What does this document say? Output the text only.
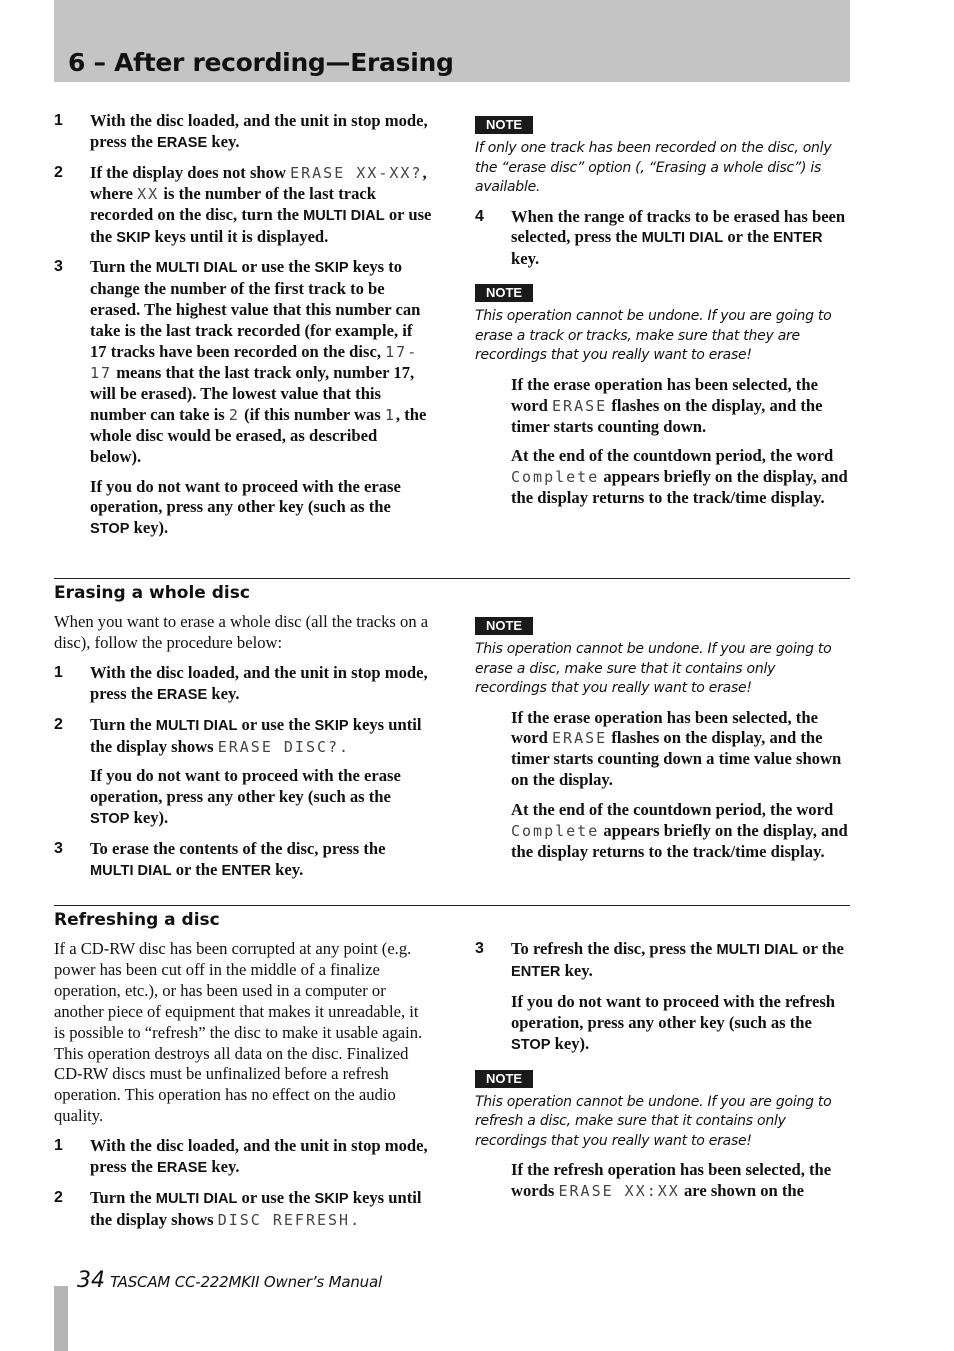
6 – After recording—Erasing
1 With the disc loaded, and the unit in stop mode, press the ERASE key.
2 If the display does not show ERASE XX-XX?, where XX is the number of the last track recorded on the disc, turn the MULTI DIAL or use the SKIP keys until it is displayed.
3 Turn the MULTI DIAL or use the SKIP keys to change the number of the first track to be erased. The highest value that this number can take is the last track recorded (for example, if 17 tracks have been recorded on the disc, 17-17 means that the last track only, number 17, will be erased). The lowest value that this number can take is 2 (if this number was 1, the whole disc would be erased, as described below).
If you do not want to proceed with the erase operation, press any other key (such as the STOP key).
NOTE

If only one track has been recorded on the disc, only the “erase disc” option (, “Erasing a whole disc”) is available.

4 When the range of tracks to be erased has been selected, press the MULTI DIAL or the ENTER key.
NOTE

This operation cannot be undone. If you are going to erase a track or tracks, make sure that they are recordings that you really want to erase!

If the erase operation has been selected, the word ERASE flashes on the display, and the timer starts counting down.
At the end of the countdown period, the word Complete appears briefly on the display, and the display returns to the track/time display.
Erasing a whole disc

When you want to erase a whole disc (all the tracks on a disc), follow the procedure below:

1 With the disc loaded, and the unit in stop mode, press the ERASE key.
2 Turn the MULTI DIAL or use the SKIP keys until the display shows ERASE DISC?.
If you do not want to proceed with the erase operation, press any other key (such as the STOP key).
3 To erase the contents of the disc, press the MULTI DIAL or the ENTER key.
NOTE

This operation cannot be undone. If you are going to erase a disc, make sure that it contains only recordings that you really want to erase!

If the erase operation has been selected, the word ERASE flashes on the display, and the timer starts counting down a time value shown on the display.
At the end of the countdown period, the word Complete appears briefly on the display, and the display returns to the track/time display.
Refreshing a disc

If a CD-RW disc has been corrupted at any point (e.g. power has been cut off in the middle of a finalize operation, etc.), or has been used in a computer or another piece of equipment that makes it unreadable, it is possible to “refresh” the disc to make it usable again. This operation destroys all data on the disc. Finalized CD-RW discs must be unfinalized before a refresh operation. This operation has no effect on the audio quality.

1 With the disc loaded, and the unit in stop mode, press the ERASE key.
2 Turn the MULTI DIAL or use the SKIP keys until the display shows DISC REFRESH.
3 To refresh the disc, press the MULTI DIAL or the ENTER key.
If you do not want to proceed with the refresh operation, press any other key (such as the STOP key).
NOTE

This operation cannot be undone. If you are going to refresh a disc, make sure that it contains only recordings that you really want to erase!

If the refresh operation has been selected, the words ERASE XX:XX are shown on the
34 TASCAM CC-222MKII Owner’s Manual
